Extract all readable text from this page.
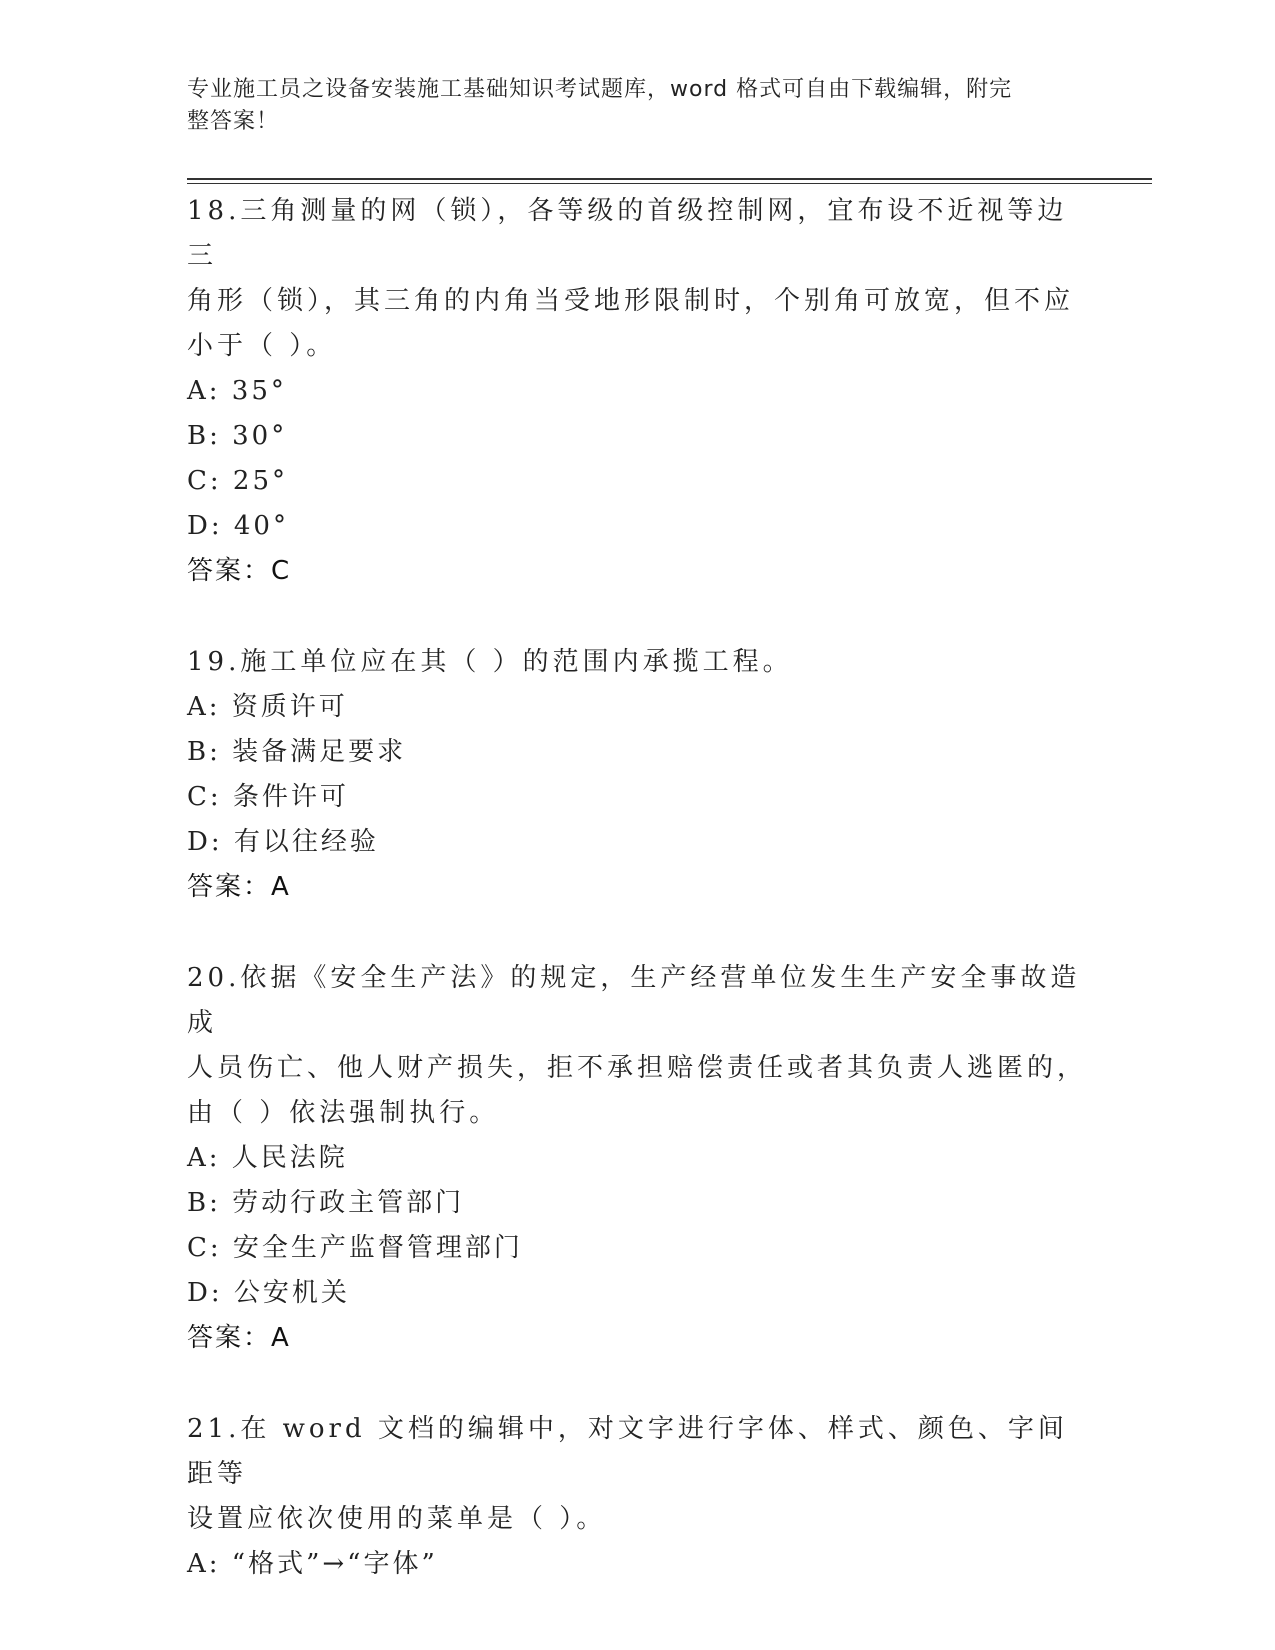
专业施工员之设备安装施工基础知识考试题库，word 格式可自由下载编辑，附完
整答案！

18.三角测量的网（锁），各等级的首级控制网，宜布设不近视等边三

角形（锁），其三角的内角当受地形限制时，个别角可放宽，但不应

小于（ ）。

A: 35°

B: 30°

C: 25°

D: 40°

答案：C

19.施工单位应在其（ ）的范围内承揽工程。

A: 资质许可

B: 装备满足要求

C: 条件许可

D: 有以往经验

答案：A

20.依据《安全生产法》的规定，生产经营单位发生生产安全事故造成

人员伤亡、他人财产损失，拒不承担赔偿责任或者其负责人逃匿的，

由（ ）依法强制执行。

A: 人民法院

B: 劳动行政主管部门

C: 安全生产监督管理部门

D: 公安机关

答案：A

21.在 word 文档的编辑中，对文字进行字体、样式、颜色、字间距等

设置应依次使用的菜单是（ ）。

A: “格式”→“字体”
